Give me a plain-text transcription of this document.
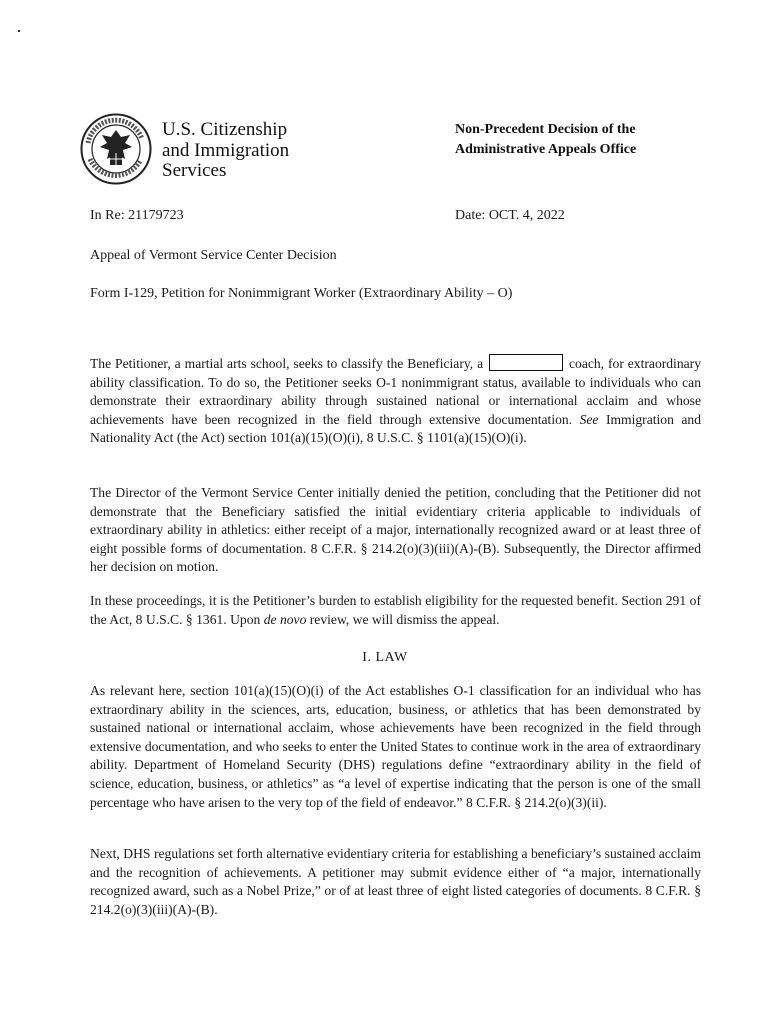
U.S. Citizenship
and Immigration
Services
Non-Precedent Decision of the
Administrative Appeals Office
In Re: 21179723	Date: OCT. 4, 2022
Appeal of Vermont Service Center Decision
Form I-129, Petition for Nonimmigrant Worker (Extraordinary Ability – O)
The Petitioner, a martial arts school, seeks to classify the Beneficiary, a	coach, for extraordinary ability classification. To do so, the Petitioner seeks O-1 nonimmigrant status, available to individuals who can demonstrate their extraordinary ability through sustained national or international acclaim and whose achievements have been recognized in the field through extensive documentation. See Immigration and Nationality Act (the Act) section 101(a)(15)(O)(i), 8 U.S.C. § 1101(a)(15)(O)(i).
The Director of the Vermont Service Center initially denied the petition, concluding that the Petitioner did not demonstrate that the Beneficiary satisfied the initial evidentiary criteria applicable to individuals of extraordinary ability in athletics: either receipt of a major, internationally recognized award or at least three of eight possible forms of documentation. 8 C.F.R. § 214.2(o)(3)(iii)(A)-(B). Subsequently, the Director affirmed her decision on motion.
In these proceedings, it is the Petitioner’s burden to establish eligibility for the requested benefit. Section 291 of the Act, 8 U.S.C. § 1361. Upon de novo review, we will dismiss the appeal.
I. LAW
As relevant here, section 101(a)(15)(O)(i) of the Act establishes O-1 classification for an individual who has extraordinary ability in the sciences, arts, education, business, or athletics that has been demonstrated by sustained national or international acclaim, whose achievements have been recognized in the field through extensive documentation, and who seeks to enter the United States to continue work in the area of extraordinary ability. Department of Homeland Security (DHS) regulations define “extraordinary ability in the field of science, education, business, or athletics” as “a level of expertise indicating that the person is one of the small percentage who have arisen to the very top of the field of endeavor.” 8 C.F.R. § 214.2(o)(3)(ii).
Next, DHS regulations set forth alternative evidentiary criteria for establishing a beneficiary’s sustained acclaim and the recognition of achievements. A petitioner may submit evidence either of “a major, internationally recognized award, such as a Nobel Prize,” or of at least three of eight listed categories of documents. 8 C.F.R. § 214.2(o)(3)(iii)(A)-(B).
